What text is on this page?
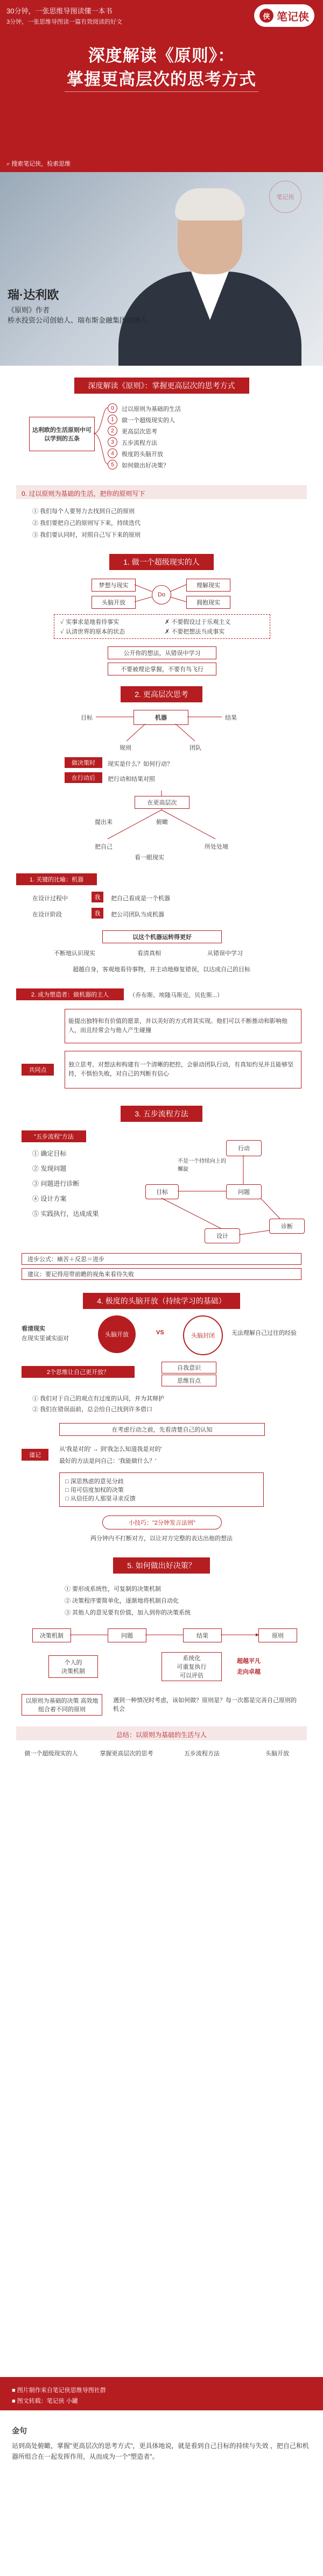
30分钟，一张思维导图读懂一本书
3分钟，一张思维导图读一篇有效阅读的好文
侠 笔记侠
深度解读《原则》：
掌握更高层次的思考方式
⌕ 搜索笔记侠，检索思维
笔记侠
瑞·达利欧
《原则》作者
桥水投资公司创始人、瑞布斯金融集团创始人
深度解读《原则》：掌握更高层次的思考方式
达利欧的生活原则中可以学到的五条
0	过以原则为基础的生活
1	做一个超级现实的人
2	更高层次思考
3	五步流程方法
4	极度的头脑开放
5	如何做出好决策？
0. 过以原则为基础的生活，把你的原则写下
① 我们每个人要努力去找到自己的原则
② 我们要把自己的原则写下来，持续迭代
③ 我们要认同时，对照自己写下来的原则
1. 做一个超级现实的人
梦想与现实
头脑开放
Do
理解现实
拥抱现实
✓ 实事求是地看待事实	✗ 不要假设过于乐观主义
✓ 认清世界的原本的状态	✗ 不要把想法当成事实
公开你的想法，从错误中学习
不要被理论掌握，不要有鸟飞行
2. 更高层次思考
机器
目标	结果
规则	团队
做决策时	现实是什么？如何行动？
在行动后	把行动和结果对照
在更高层次
提出来	俯瞰
把自己	所处处境
看一眼现实
1. 关键的比喻：机器
在设计过程中	我	把自己看成是一个机器
在设计阶段	我	把公司团队当成机器
以这个机器运转得更好
不断地认识现实	看清真相	从错误中学习
超越自身，客观地看待事物，并主动地修复错误，以达成自己的目标
2. 成为塑造者：做机器的主人	（乔布斯、埃隆马斯克、贝佐斯...）
能提出独特和有价值的愿景，并以美好的方式将其实现。他们可以不断推动和影响他人，而且经常会与他人产生碰撞
共同点
独立思考、对想法和构建有一个清晰的把控，会驱动团队行动，有真知灼见并且能够坚持，不惧怕失败，对自己的判断有信心
3. 五步流程方法
"五步流程"方法
① 确定目标
② 发现问题
③ 问题进行诊断
④ 设计方案
⑤ 实践执行，达成成果
行动
目标	问题
诊断
设计
不是一个持续向上的螺旋
进步公式：痛苦＋反思＝进步
建议：要记得用带前瞻的视角来看待失败
4. 极度的头脑开放（持续学习的基础）
看清现实
在现实里诚实面对
头脑开放	VS	头脑封闭	无法理解自己过往的经验
2个思维让自己更开放？
自我意识
思维盲点
① 我们对于自己的观点有过度的认同，并为其辩护
② 我们在错误面前，总会给自己找到许多借口
在考虑行动之前，先看清楚自己的认知
谨记
从'我是对的' → 到'我怎么知道我是对的'
最好的方法是问自己：'我能做什么？'
□ 深思熟虑的意见分歧
□ 用可信度加权的决策
□ 从信任的人那里寻求反馈
小技巧："2分钟发言法则"
两分钟内不打断对方，以让对方完整的表达出他的想法
5. 如何做出好决策？
① 要形成系统性，可复制的决策机制
② 决策程序要简单化，逐渐地将机制自动化
③ 其他人的意见要有价值，加入到你的决策系统
决策机制	问题	结果	原则
个人的
决策机制
系统化
可重复执行
可以评估
超越平凡
走向卓越
以原则为基础的决策 高效地组合着不同的原则
遇到一种情况时考虑，该如何做？原则是？每一次都是完善自己原则的机会
总结：以原则为基础的生活与人
做一个超级现实的人	掌握更高层次的思考	五步流程方法	头脑开放
■ 图片制作来自笔记侠思维导图社群
■ 图文转载：笔记侠 小罐
金句
站到高处俯瞰，掌握"更高层次的思考方式"，更具体地说，就是看到自己目标的持续与失效 ，把自己和机器所组合在一起发挥作用，从而成为一个"塑造者"。
